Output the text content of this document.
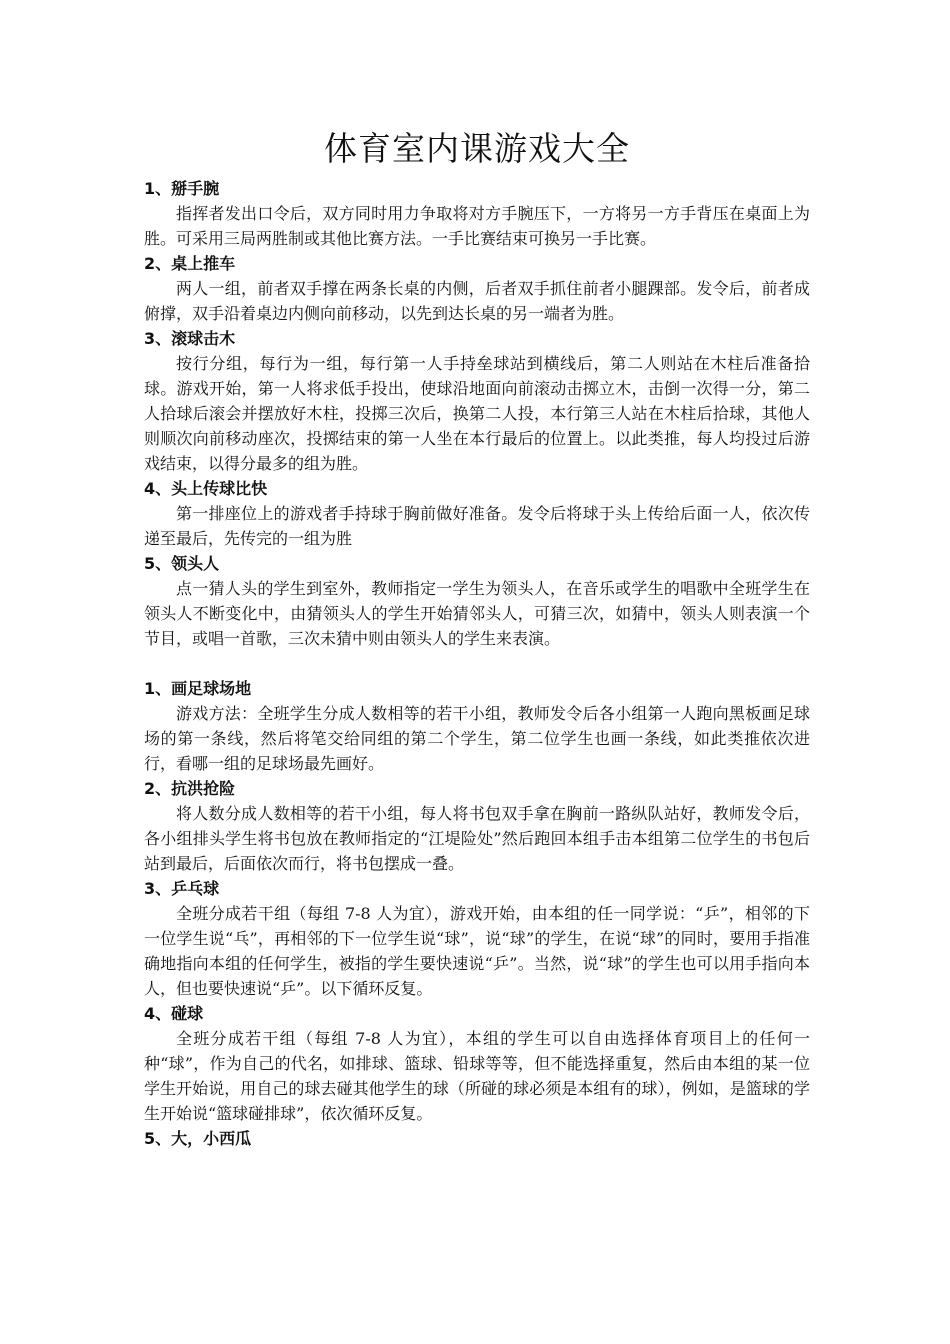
体育室内课游戏大全
1、掰手腕

指挥者发出口令后，双方同时用力争取将对方手腕压下，一方将另一方手背压在桌面上为胜。可采用三局两胜制或其他比赛方法。一手比赛结束可换另一手比赛。

2、桌上推车

两人一组，前者双手撑在两条长桌的内侧，后者双手抓住前者小腿踝部。发令后，前者成俯撑，双手沿着桌边内侧向前移动，以先到达长桌的另一端者为胜。

3、滚球击木

按行分组，每行为一组，每行第一人手持垒球站到横线后，第二人则站在木柱后准备拾球。游戏开始，第一人将求低手投出，使球沿地面向前滚动击掷立木，击倒一次得一分，第二人拾球后滚会并摆放好木柱，投掷三次后，换第二人投，本行第三人站在木柱后拾球，其他人则顺次向前移动座次，投掷结束的第一人坐在本行最后的位置上。以此类推，每人均投过后游戏结束，以得分最多的组为胜。

4、头上传球比快

第一排座位上的游戏者手持球于胸前做好准备。发令后将球于头上传给后面一人，依次传递至最后，先传完的一组为胜

5、领头人

点一猜人头的学生到室外，教师指定一学生为领头人，在音乐或学生的唱歌中全班学生在领头人不断变化中，由猜领头人的学生开始猜邻头人，可猜三次，如猜中，领头人则表演一个节目，或唱一首歌，三次未猜中则由领头人的学生来表演。

1、画足球场地

游戏方法：全班学生分成人数相等的若干小组，教师发令后各小组第一人跑向黑板画足球场的第一条线，然后将笔交给同组的第二个学生，第二位学生也画一条线，如此类推依次进行，看哪一组的足球场最先画好。

2、抗洪抢险

将人数分成人数相等的若干小组，每人将书包双手拿在胸前一路纵队站好，教师发令后，各小组排头学生将书包放在教师指定的“江堤险处”然后跑回本组手击本组第二位学生的书包后站到最后，后面依次而行，将书包摆成一叠。

3、乒乓球

全班分成若干组（每组 7-8 人为宜），游戏开始，由本组的任一同学说：“乒”，相邻的下一位学生说“乓”，再相邻的下一位学生说“球”，说“球”的学生，在说“球”的同时，要用手指准确地指向本组的任何学生，被指的学生要快速说“乒”。当然，说“球”的学生也可以用手指向本人，但也要快速说“乒”。以下循环反复。

4、碰球

全班分成若干组（每组 7-8 人为宜），本组的学生可以自由选择体育项目上的任何一种“球”，作为自己的代名，如排球、篮球、铅球等等，但不能选择重复，然后由本组的某一位学生开始说，用自己的球去碰其他学生的球（所碰的球必须是本组有的球），例如，是篮球的学生开始说“篮球碰排球”，依次循环反复。

5、大，小西瓜
